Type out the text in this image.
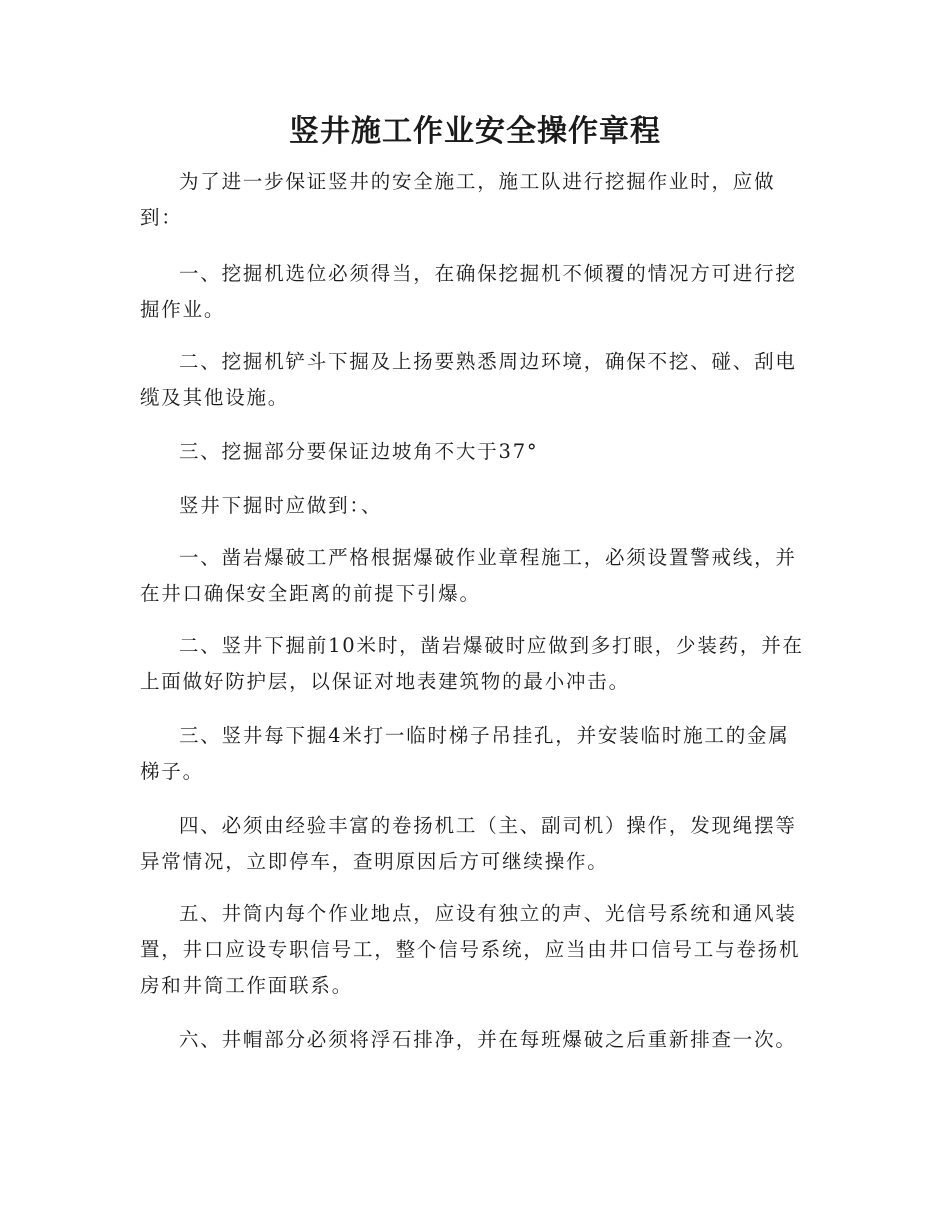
竖井施工作业安全操作章程

为了进一步保证竖井的安全施工，施工队进行挖掘作业时，应做到：

一、挖掘机选位必须得当，在确保挖掘机不倾覆的情况方可进行挖掘作业。

二、挖掘机铲斗下掘及上扬要熟悉周边环境，确保不挖、碰、刮电缆及其他设施。

三、挖掘部分要保证边坡角不大于37°

竖井下掘时应做到：、

一、凿岩爆破工严格根据爆破作业章程施工，必须设置警戒线，并在井口确保安全距离的前提下引爆。

二、竖井下掘前10米时，凿岩爆破时应做到多打眼，少装药，并在上面做好防护层，以保证对地表建筑物的最小冲击。

三、竖井每下掘4米打一临时梯子吊挂孔，并安装临时施工的金属梯子。

四、必须由经验丰富的卷扬机工（主、副司机）操作，发现绳摆等异常情况，立即停车，查明原因后方可继续操作。

五、井筒内每个作业地点，应设有独立的声、光信号系统和通风装置，井口应设专职信号工，整个信号系统，应当由井口信号工与卷扬机房和井筒工作面联系。

六、井帽部分必须将浮石排净，并在每班爆破之后重新排查一次。
